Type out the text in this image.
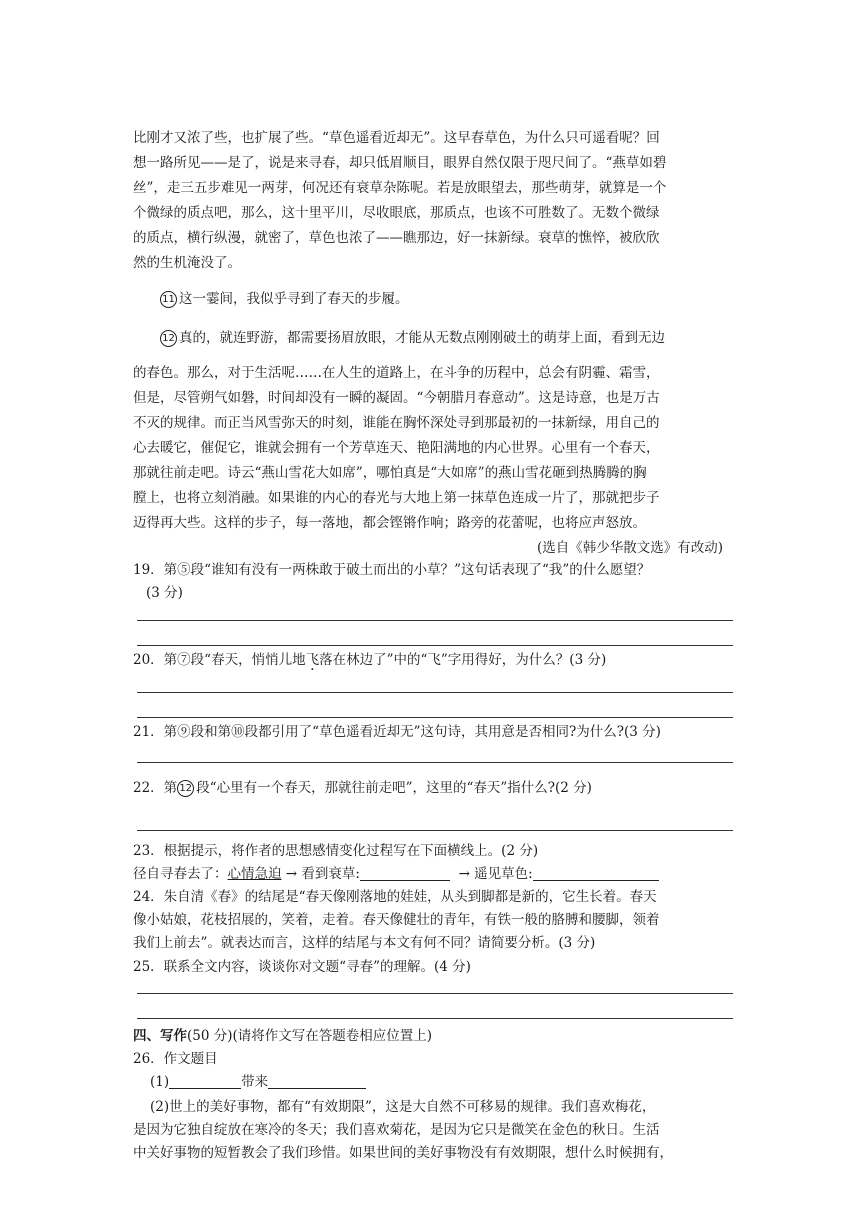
比刚才又浓了些，也扩展了些。“草色遥看近却无”。这早春草色，为什么只可遥看呢？回
想一路所见——是了，说是来寻春，却只低眉顺目，眼界自然仅限于咫尺间了。“燕草如碧
丝”，走三五步难见一两芽，何况还有衰草杂陈呢。若是放眼望去，那些萌芽，就算是一个
个微绿的质点吧，那么，这十里平川，尽收眼底，那质点，也该不可胜数了。无数个微绿
的质点，横行纵漫，就密了，草色也浓了——瞧那边，好一抹新绿。衰草的憔悴，被欣欣
然的生机淹没了。
11 这一霎间，我似乎寻到了春天的步履。
12 真的，就连野游，都需要扬眉放眼，才能从无数点刚刚破土的萌芽上面，看到无边
的春色。那么，对于生活呢……在人生的道路上，在斗争的历程中，总会有阴霾、霜雪，
但是，尽管朔气如磐，时间却没有一瞬的凝固。“今朝腊月春意动”。这是诗意，也是万古
不灭的规律。而正当风雪弥天的时刻，谁能在胸怀深处寻到那最初的一抹新绿，用自己的
心去暖它，催促它，谁就会拥有一个芳草连天、艳阳满地的内心世界。心里有一个春天，
那就往前走吧。诗云“燕山雪花大如席”，哪怕真是“大如席”的燕山雪花砸到热腾腾的胸
膛上，也将立刻消融。如果谁的内心的春光与大地上第一抹草色连成一片了，那就把步子
迈得再大些。这样的步子，每一落地，都会铿锵作响；路旁的花蕾呢，也将应声怒放。
(选自《韩少华散文选》有改动)
19．第⑤段“谁知有没有一两株敢于破土而出的小草？”这句话表现了“我”的什么愿望？
(3 分)
20．第⑦段“春天，悄悄儿地飞落在林边了”中的“飞”字用得好，为什么？(3 分)
21．第⑨段和第⑩段都引用了“草色遥看近却无”这句诗，其用意是否相同?为什么?(3 分)
22．第 12 段“心里有一个春天，那就往前走吧”，这里的“春天”指什么?(2 分)
23．根据提示，将作者的思想感情变化过程写在下面横线上。(2 分)
径自寻春去了：心情急迫 → 看到衰草:	→ 遥见草色:
24．朱自清《春》的结尾是“春天像刚落地的娃娃，从头到脚都是新的，它生长着。春天
像小姑娘，花枝招展的，笑着，走着。春天像健壮的青年，有铁一般的胳膊和腰脚，领着
我们上前去”。就表达而言，这样的结尾与本文有何不同？请简要分析。(3 分)
25．联系全文内容，谈谈你对文题“寻春”的理解。(4 分)
四、写作(50 分)(请将作文写在答题卷相应位置上)
26．作文题目
(1)	带来
(2)世上的美好事物，都有“有效期限”，这是大自然不可移易的规律。我们喜欢梅花，
是因为它独自绽放在寒冷的冬天；我们喜欢菊花，是因为它只是微笑在金色的秋日。生活
中关好事物的短暂教会了我们珍惜。如果世间的美好事物没有有效期限，想什么时候拥有，
